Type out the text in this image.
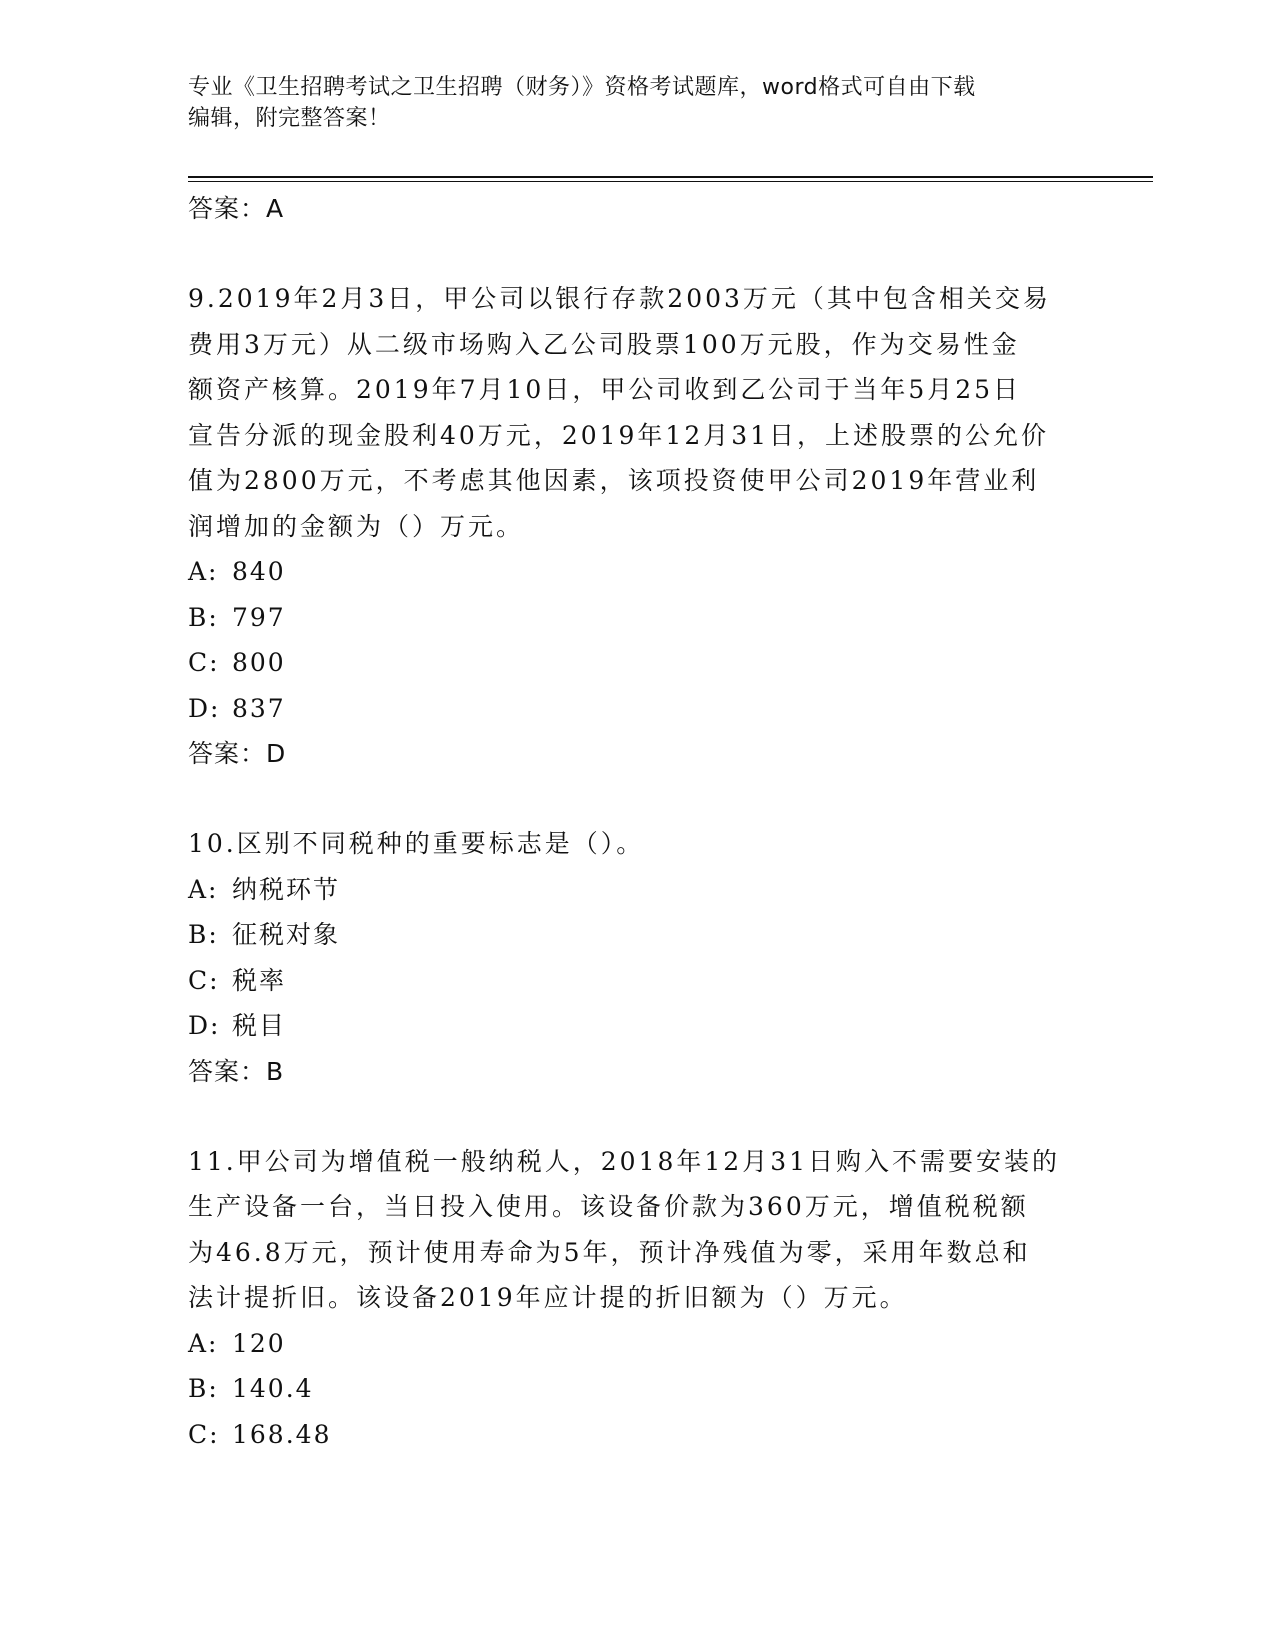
专业《卫生招聘考试之卫生招聘（财务）》资格考试题库，word格式可自由下载
编辑，附完整答案！
答案：A

9.2019年2月3日，甲公司以银行存款2003万元（其中包含相关交易

费用3万元）从二级市场购入乙公司股票100万元股，作为交易性金

额资产核算。2019年7月10日，甲公司收到乙公司于当年5月25日

宣告分派的现金股利40万元，2019年12月31日，上述股票的公允价

值为2800万元，不考虑其他因素，该项投资使甲公司2019年营业利

润增加的金额为（）万元。

A: 840

B: 797

C: 800

D: 837

答案：D

10.区别不同税种的重要标志是（）。

A: 纳税环节

B: 征税对象

C: 税率

D: 税目

答案：B

11.甲公司为增值税一般纳税人，2018年12月31日购入不需要安装的

生产设备一台，当日投入使用。该设备价款为360万元，增值税税额

为46.8万元，预计使用寿命为5年，预计净残值为零，采用年数总和

法计提折旧。该设备2019年应计提的折旧额为（）万元。

A: 120

B: 140.4

C: 168.48
